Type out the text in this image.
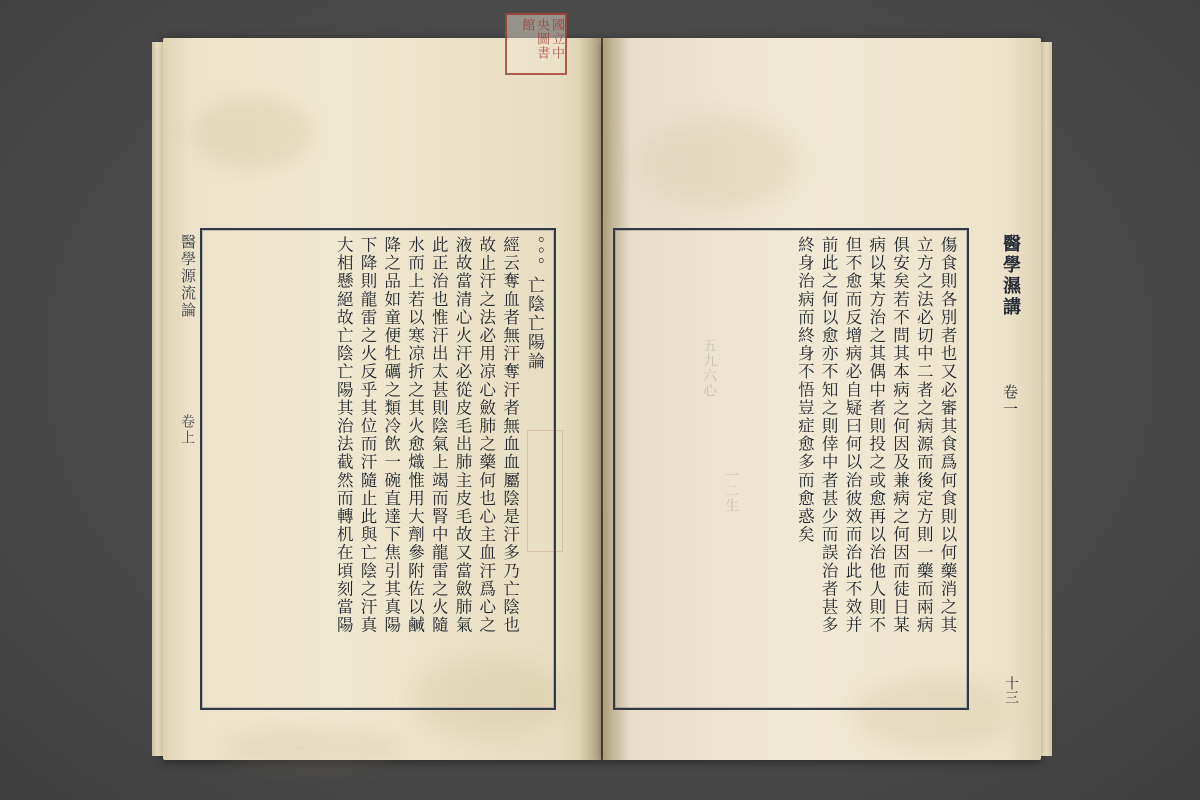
醫學源流論
卷上
。。。亡陰亡陽論
經云奪血者無汗奪汗者無血血屬陰是汗多乃亡陰也
故止汗之法必用凉心斂肺之藥何也心主血汗爲心之
液故當清心火汗必從皮毛出肺主皮毛故又當斂肺氣
此正治也惟汗出太甚則陰氣上竭而腎中龍雷之火隨
水而上若以寒凉折之其火愈熾惟用大劑參附佐以鹹
降之品如童便牡礪之類冷飲一碗直達下焦引其真陽
下降則龍雷之火反乎其位而汗隨止此與亡陰之汗真
大相懸絕故亡陰亡陽其治法截然而轉机在頃刻當陽	五九六心
一二生	傷食則各別者也又必審其食爲何食則以何藥消之其
立方之法必切中二者之病源而後定方則一藥而兩病
俱安矣若不問其本病之何因及兼病之何因而徒日某
病以某方治之其偶中者則投之或愈再以治他人則不
但不愈而反增病必自疑曰何以治彼效而治此不效并
前此之何以愈亦不知之則倖中者甚少而誤治者甚多
終身治病而終身不悟豈症愈多而愈惑矣	醫學濕講
卷一
十三
國立中央圖書館
